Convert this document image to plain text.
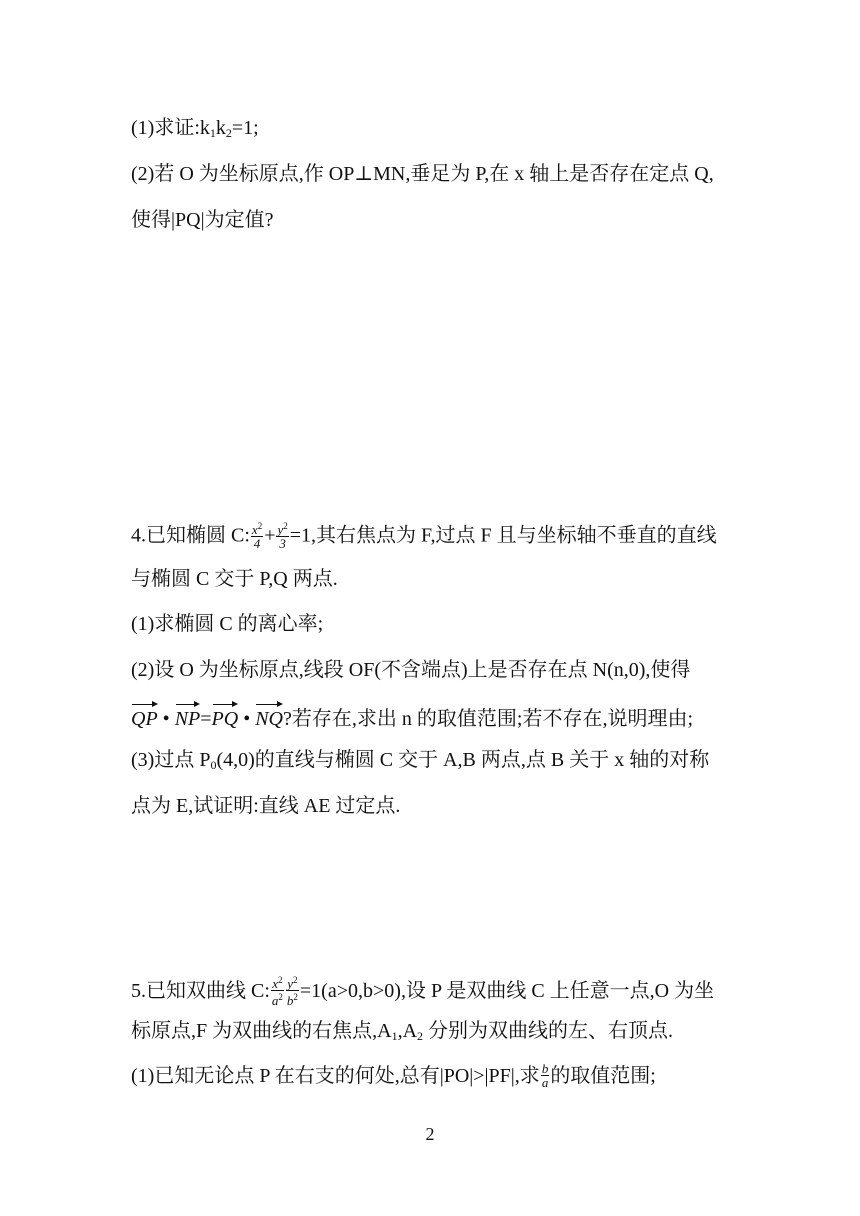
(1)求证$:k_1k_2=1$;
(2)若 O 为坐标原点,作 OP⊥MN,垂足为 P,在 x 轴上是否存在定点 Q,
使得|PQ|为定值?
4.已知椭圆 C: $\frac{x^2}{4} + \frac{y^2}{3} =1$,其右焦点为 F,过点 F 且与坐标轴不垂直的直线
与椭圆 C 交于 P,Q 两点.
(1)求椭圆 C 的离心率;
(2)设 O 为坐标原点,线段 OF(不含端点)上是否存在点 N(n,0),使得
QP • NP=PQ • NQ?若存在,求出 n 的取值范围;若不存在,说明理由;
(3)过点 $P_0(4,0)$的直线与椭圆 C 交于 A,B 两点,点 B 关于 x 轴的对称
点为 E,试证明:直线 AE 过定点.
5.已知双曲线 C: $\frac{x^2}{a^2} \frac{y^2}{b^2} =1(a>0,b>0)$,设 P 是双曲线 C 上任意一点,O 为坐
标原点,F 为双曲线的右焦点$,A_1,A_2$ 分别为双曲线的左、右顶点.
(1)已知无论点 P 在右支的何处,总有|PO|>|PF|,求 $\frac{b}{a}$ 的取值范围;
2
